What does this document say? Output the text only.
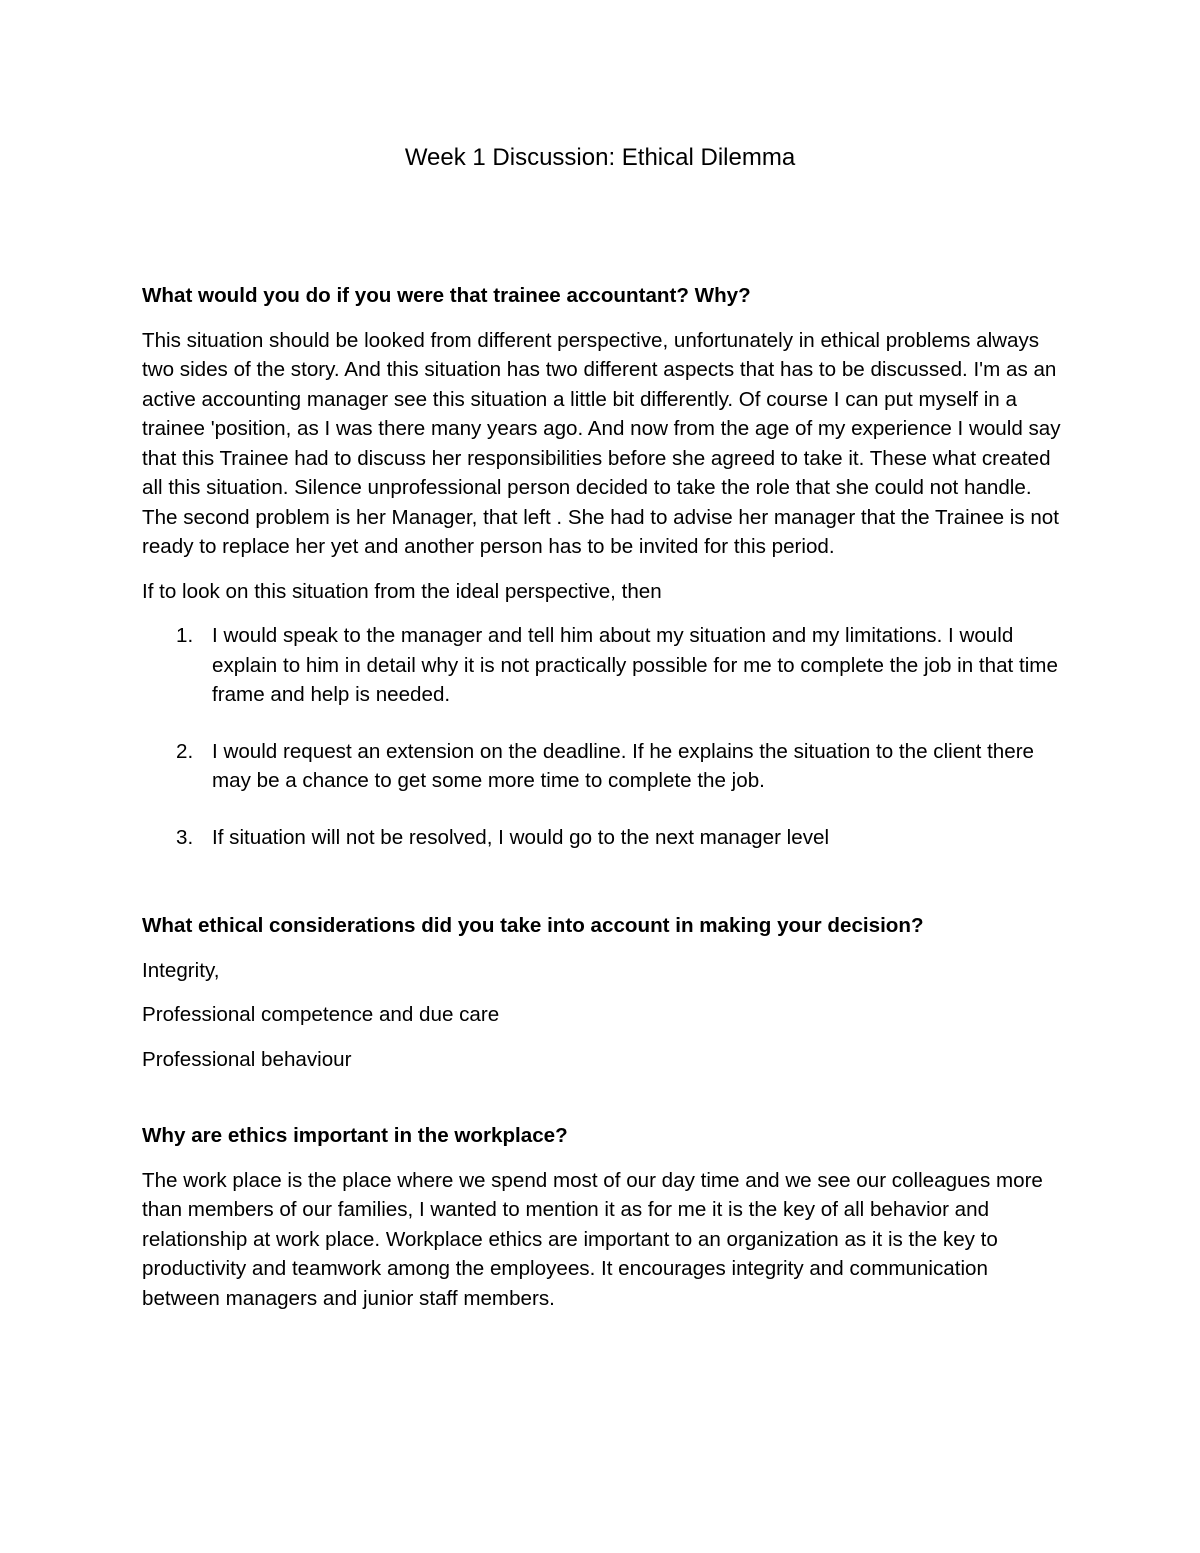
Week 1 Discussion: Ethical Dilemma

What would you do if you were that trainee accountant? Why?

This situation should be looked from different perspective, unfortunately in ethical problems always two sides of the story. And this situation has two different aspects that has to be discussed. I'm as an active accounting manager see this situation a little bit differently. Of course I can put myself in a trainee 'position, as I was there many years ago. And now from the age of my experience I would say that this Trainee had to discuss her responsibilities before she agreed to take it. These what created all this situation. Silence unprofessional person decided to take the role that she could not handle. The second problem is her Manager, that left . She had to advise her manager that the Trainee is not ready to replace her yet and another person has to be invited for this period.

If to look on this situation from the ideal perspective, then

1. I would speak to the manager and tell him about my situation and my limitations. I would explain to him in detail why it is not practically possible for me to complete the job in that time frame and help is needed.
2. I would request an extension on the deadline. If he explains the situation to the client there may be a chance to get some more time to complete the job.
3. If situation will not be resolved, I would go to the next manager level

What ethical considerations did you take into account in making your decision?

Integrity,

Professional competence and due care

Professional behaviour

Why are ethics important in the workplace?

The work place is the place where we spend most of our day time and we see our colleagues more than members of our families, I wanted to mention it as for me it is the key of all behavior and relationship at work place. Workplace ethics are important to an organization as it is the key to productivity and teamwork among the employees. It encourages integrity and communication between managers and junior staff members.
